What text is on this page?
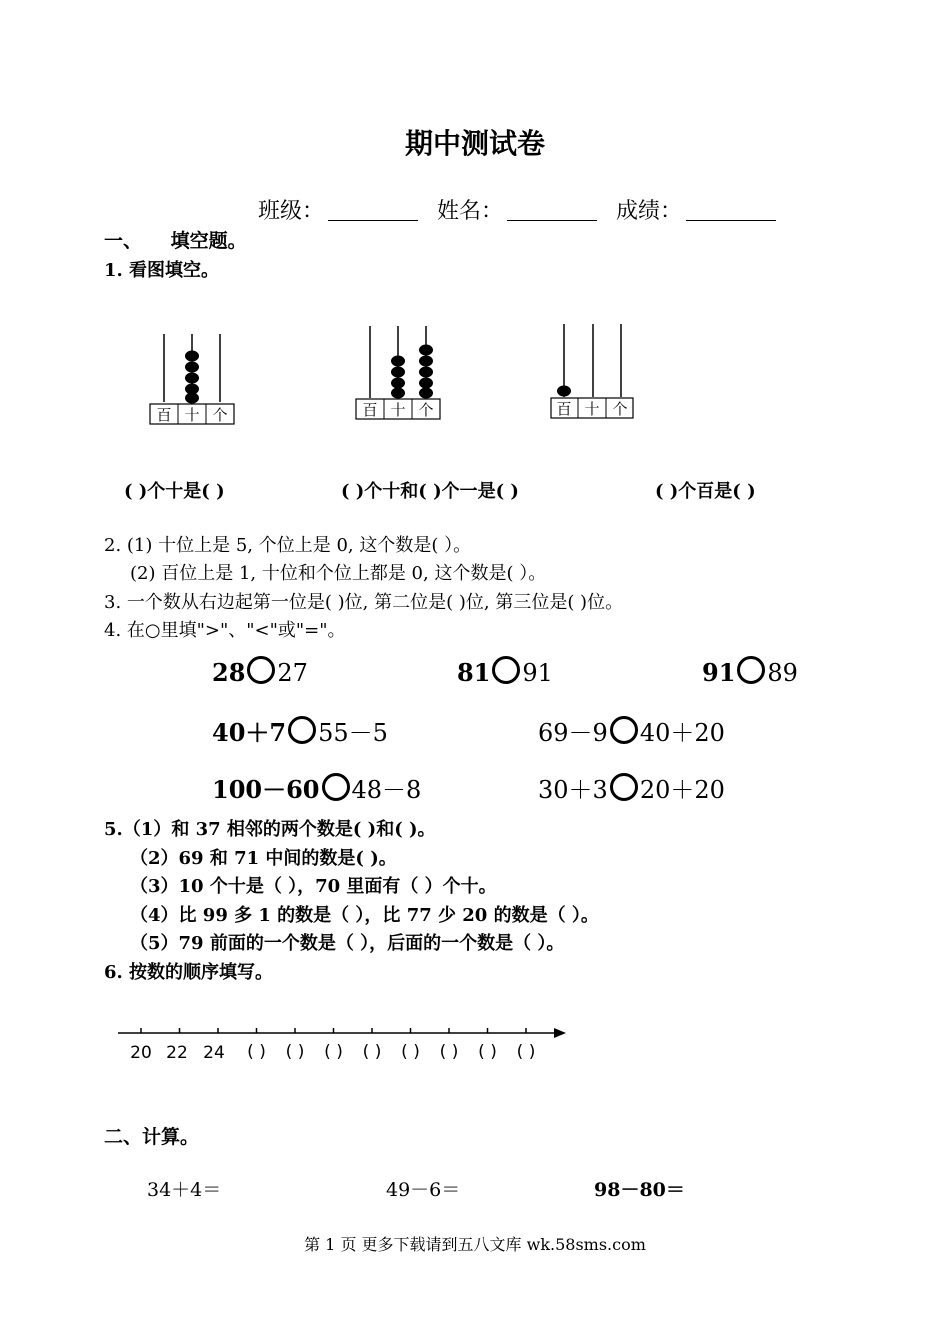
期中测试卷
班级：	姓名：	成绩：
一、 填空题。
1. 看图填空。
百 十 个	百 十 个	百 十 个
( )个十是( )	( )个十和( )个一是( )	( )个百是( )
2. (1) 十位上是 5, 个位上是 0, 这个数是( ）。
(2) 百位上是 1, 十位和个位上都是 0, 这个数是( ）。
3. 一个数从右边起第一位是( )位, 第二位是( )位, 第三位是( )位。
4. 在○里填">"、"<"或"="。
28 27	81 91	91 89
40＋7 55－5	69－9 40＋20
100－60 48－8	30＋3 20＋20
5.（1）和 37 相邻的两个数是( )和( )。
（2）69 和 71 中间的数是( )。
（3）10 个十是（ ），70 里面有（ ）个十。
（4）比 99 多 1 的数是（ ），比 77 少 20 的数是（ ）。
（5）79 前面的一个数是（ ），后面的一个数是（ ）。
6. 按数的顺序填写。
20 22 24 ( ) ( ) ( ) ( ) ( ) ( ) ( ) ( )
二、计算。
34＋4＝	49－6＝	98－80＝
第 1 页 更多下载请到五八文库 wk.58sms.com
